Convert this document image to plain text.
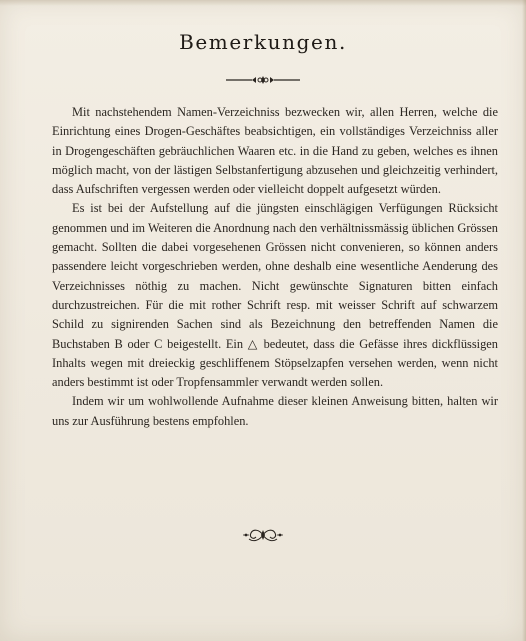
Bemerkungen.

Mit nachstehendem Namen-Verzeichniss bezwecken wir, allen Herren, welche die Einrichtung eines Drogen-Geschäftes beabsichtigen, ein vollständiges Verzeichniss aller in Drogengeschäften gebräuchlichen Waaren etc. in die Hand zu geben, welches es ihnen möglich macht, von der lästigen Selbstanfertigung abzusehen und gleichzeitig verhindert, dass Aufschriften vergessen werden oder vielleicht doppelt aufgesetzt würden.

Es ist bei der Aufstellung auf die jüngsten einschlägigen Verfügungen Rücksicht genommen und im Weiteren die Anordnung nach den verhältnissmässig üblichen Grössen gemacht. Sollten die dabei vorgesehenen Grössen nicht convenieren, so können anders passendere leicht vorgeschrieben werden, ohne deshalb eine wesentliche Aenderung des Verzeichnisses nöthig zu machen. Nicht gewünschte Signaturen bitten einfach durchzustreichen. Für die mit rother Schrift resp. mit weisser Schrift auf schwarzem Schild zu signirenden Sachen sind als Bezeichnung den betreffenden Namen die Buchstaben B oder C beigestellt. Ein △ bedeutet, dass die Gefässe ihres dickflüssigen Inhalts wegen mit dreieckig geschliffenem Stöpselzapfen versehen werden, wenn nicht anders bestimmt ist oder Tropfensammler verwandt werden sollen.

Indem wir um wohlwollende Aufnahme dieser kleinen Anweisung bitten, halten wir uns zur Ausführung bestens empfohlen.
